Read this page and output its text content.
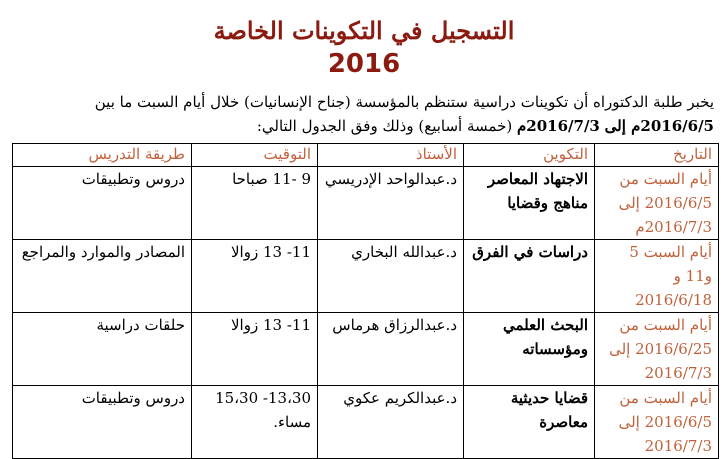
التسجيل في التكوينات الخاصة
2016
يخبر طلبة الدكتوراه أن تكوينات دراسية ستنظم بالمؤسسة (جناح الإنسانيات) خلال أيام السبت ما بين 2016/6/5م إلى 2016/7/3م (خمسة أسابيع) وذلك وفق الجدول التالي:
التاريخ	التكوين	الأستاذ	التوقيت	طريقة التدريس
أيام السبت من 2016/6/5 إلى 2016/7/3م	الاجتهاد المعاصر مناهج وقضايا	د.عبدالواحد الإدريسي	9 -11 صباحا	دروس وتطبيقات
أيام السبت 5 و11 و 2016/6/18	دراسات في الفرق	د.عبدالله البخاري	11- 13 زوالا	المصادر والموارد والمراجع
أيام السبت من 2016/6/25 إلى 2016/7/3	البحث العلمي ومؤسساته	د.عبدالرزاق هرماس	11- 13 زوالا	حلقات دراسية
أيام السبت من 2016/6/5 إلى 2016/7/3	قضايا حديثية معاصرة	د.عبدالكريم عكوي	13،30- 15،30 مساء.	دروس وتطبيقات
